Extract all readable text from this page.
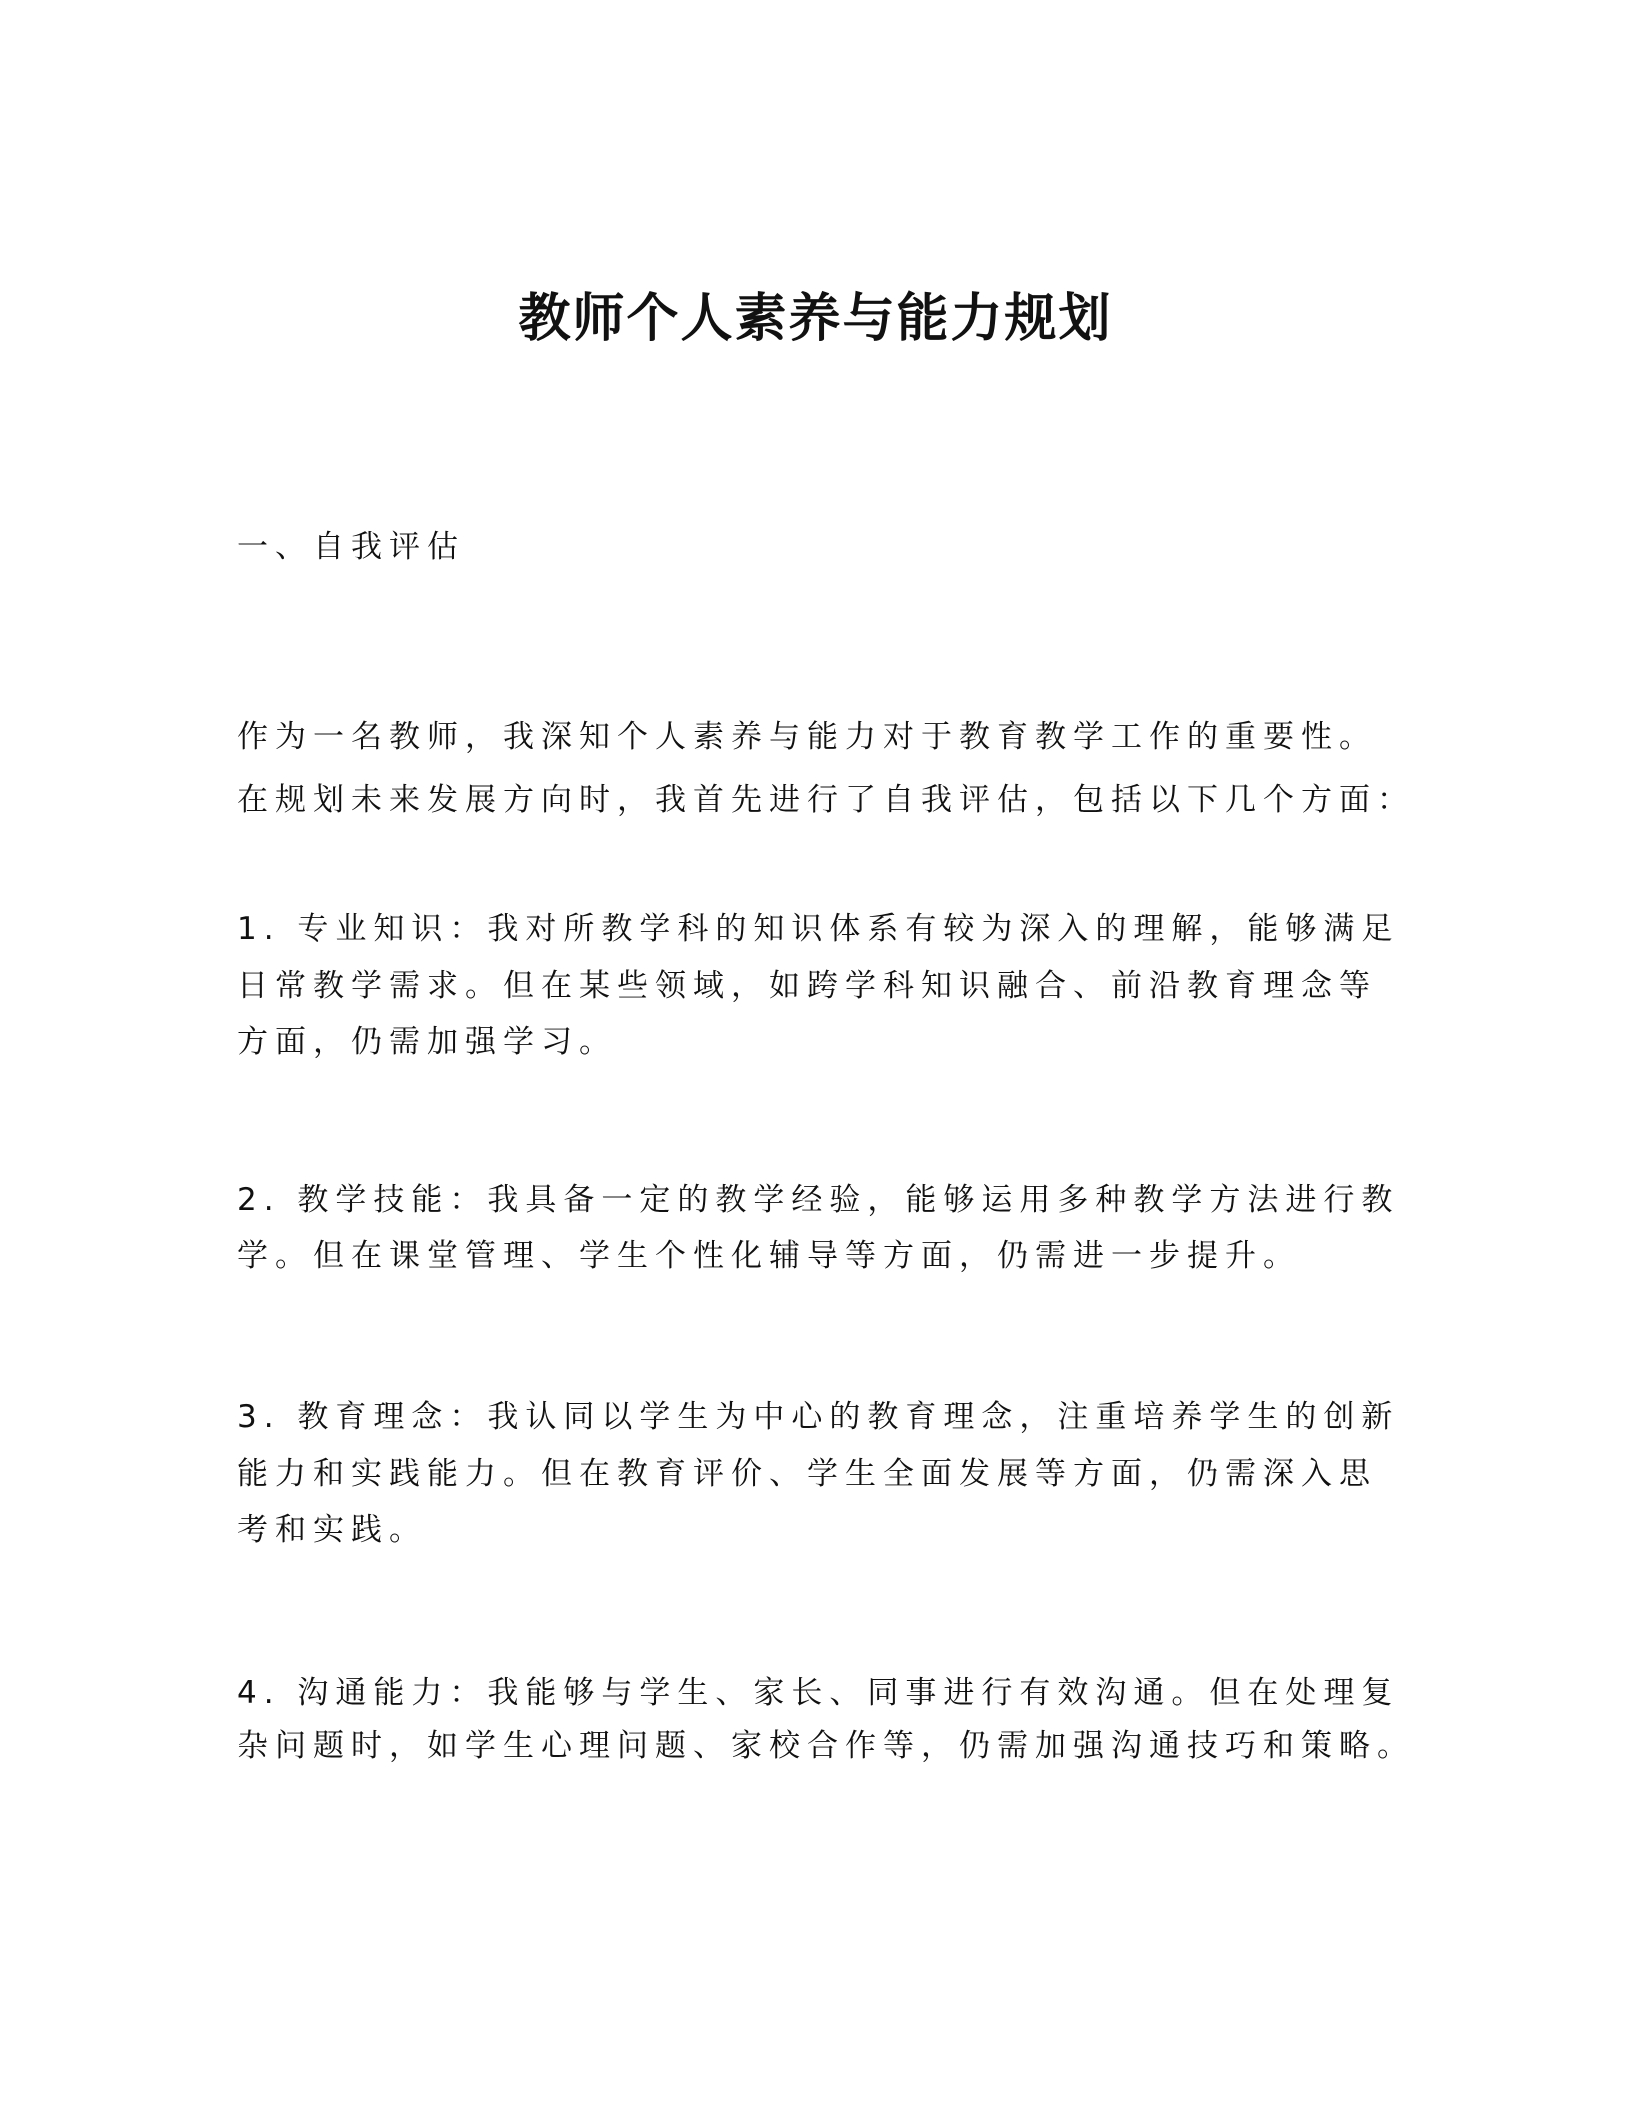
教师个人素养与能力规划
一、自我评估
作为一名教师，我深知个人素养与能力对于教育教学工作的重要性。
在规划未来发展方向时，我首先进行了自我评估，包括以下几个方面：
1. 专业知识：我对所教学科的知识体系有较为深入的理解，能够满足
日常教学需求。但在某些领域，如跨学科知识融合、前沿教育理念等
方面，仍需加强学习。
2. 教学技能：我具备一定的教学经验，能够运用多种教学方法进行教
学。但在课堂管理、学生个性化辅导等方面，仍需进一步提升。
3. 教育理念：我认同以学生为中心的教育理念，注重培养学生的创新
能力和实践能力。但在教育评价、学生全面发展等方面，仍需深入思
考和实践。
4. 沟通能力：我能够与学生、家长、同事进行有效沟通。但在处理复
杂问题时，如学生心理问题、家校合作等，仍需加强沟通技巧和策略。
